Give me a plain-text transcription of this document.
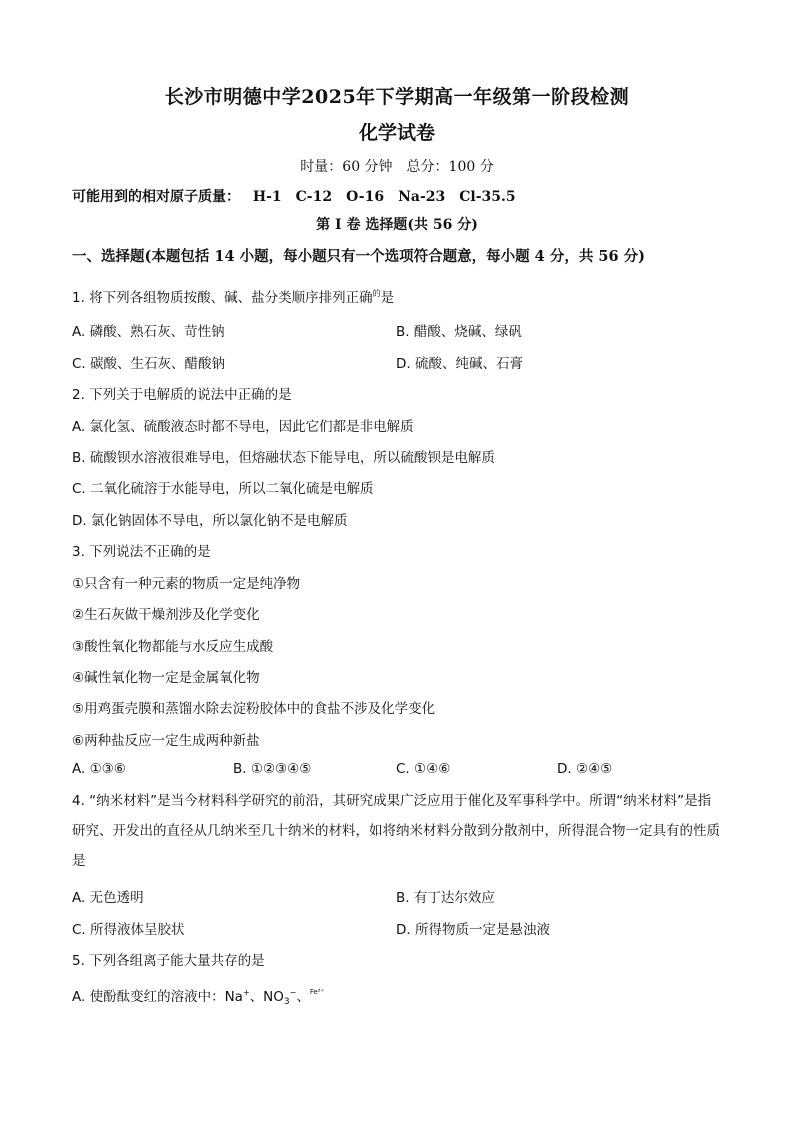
长沙市明德中学2025年下学期高一年级第一阶段检测
化学试卷
时量：60 分钟　总分：100 分
可能用到的相对原子质量： H-1　C-12　O-16　Na-23　Cl-35.5
第 I 卷 选择题(共 56 分)
一、选择题(本题包括 14 小题，每小题只有一个选项符合题意，每小题 4 分，共 56 分)
1. 将下列各组物质按酸、碱、盐分类顺序排列正确$^的$是
A. 磷酸、熟石灰、苛性钠	B. 醋酸、烧碱、绿矾
C. 碳酸、生石灰、醋酸钠	D. 硫酸、纯碱、石膏
2. 下列关于电解质的说法中正确的是
A. 氯化氢、硫酸液态时都不导电，因此它们都是非电解质
B. 硫酸钡水溶液很难导电，但熔融状态下能导电，所以硫酸钡是电解质
C. 二氧化硫溶于水能导电，所以二氧化硫是电解质
D. 氯化钠固体不导电，所以氯化钠不是电解质
3. 下列说法不正确的是
①只含有一种元素的物质一定是纯净物
②生石灰做干燥剂涉及化学变化
③酸性氧化物都能与水反应生成酸
④碱性氧化物一定是金属氧化物
⑤用鸡蛋壳膜和蒸馏水除去淀粉胶体中的食盐不涉及化学变化
⑥两种盐反应一定生成两种新盐
A. ①③⑥	B. ①②③④⑤	C. ①④⑥	D. ②④⑤
4. “纳米材料”是当今材料科学研究的前沿，其研究成果广泛应用于催化及军事科学中。所谓“纳米材料”是指研究、开发出的直径从几纳米至几十纳米的材料，如将纳米材料分散到分散剂中，所得混合物一定具有的性质是
A. 无色透明	B. 有丁达尔效应
C. 所得液体呈胶状	D. 所得物质一定是悬浊液
5. 下列各组离子能大量共存的是
A. 使酚酞变红的溶液中：Na+、$NO_3^-$、$^{Fe^{3+}}$
